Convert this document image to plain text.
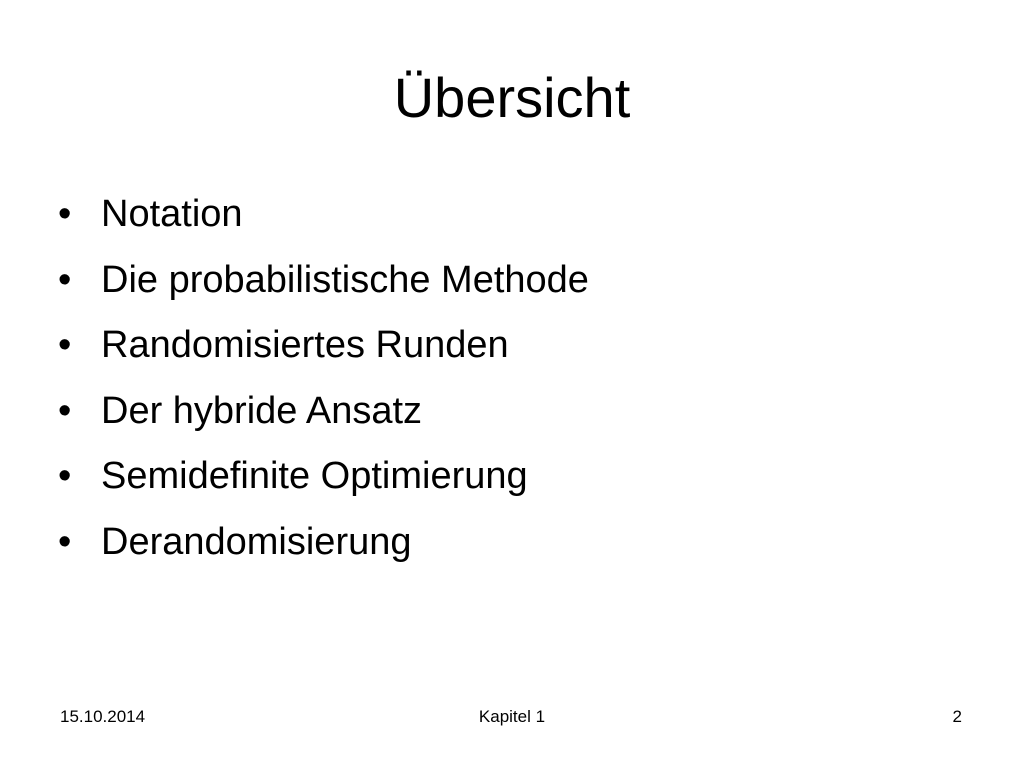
Übersicht
• Notation
• Die probabilistische Methode
• Randomisiertes Runden
• Der hybride Ansatz
• Semidefinite Optimierung
• Derandomisierung
15.10.2014	Kapitel 1	2
